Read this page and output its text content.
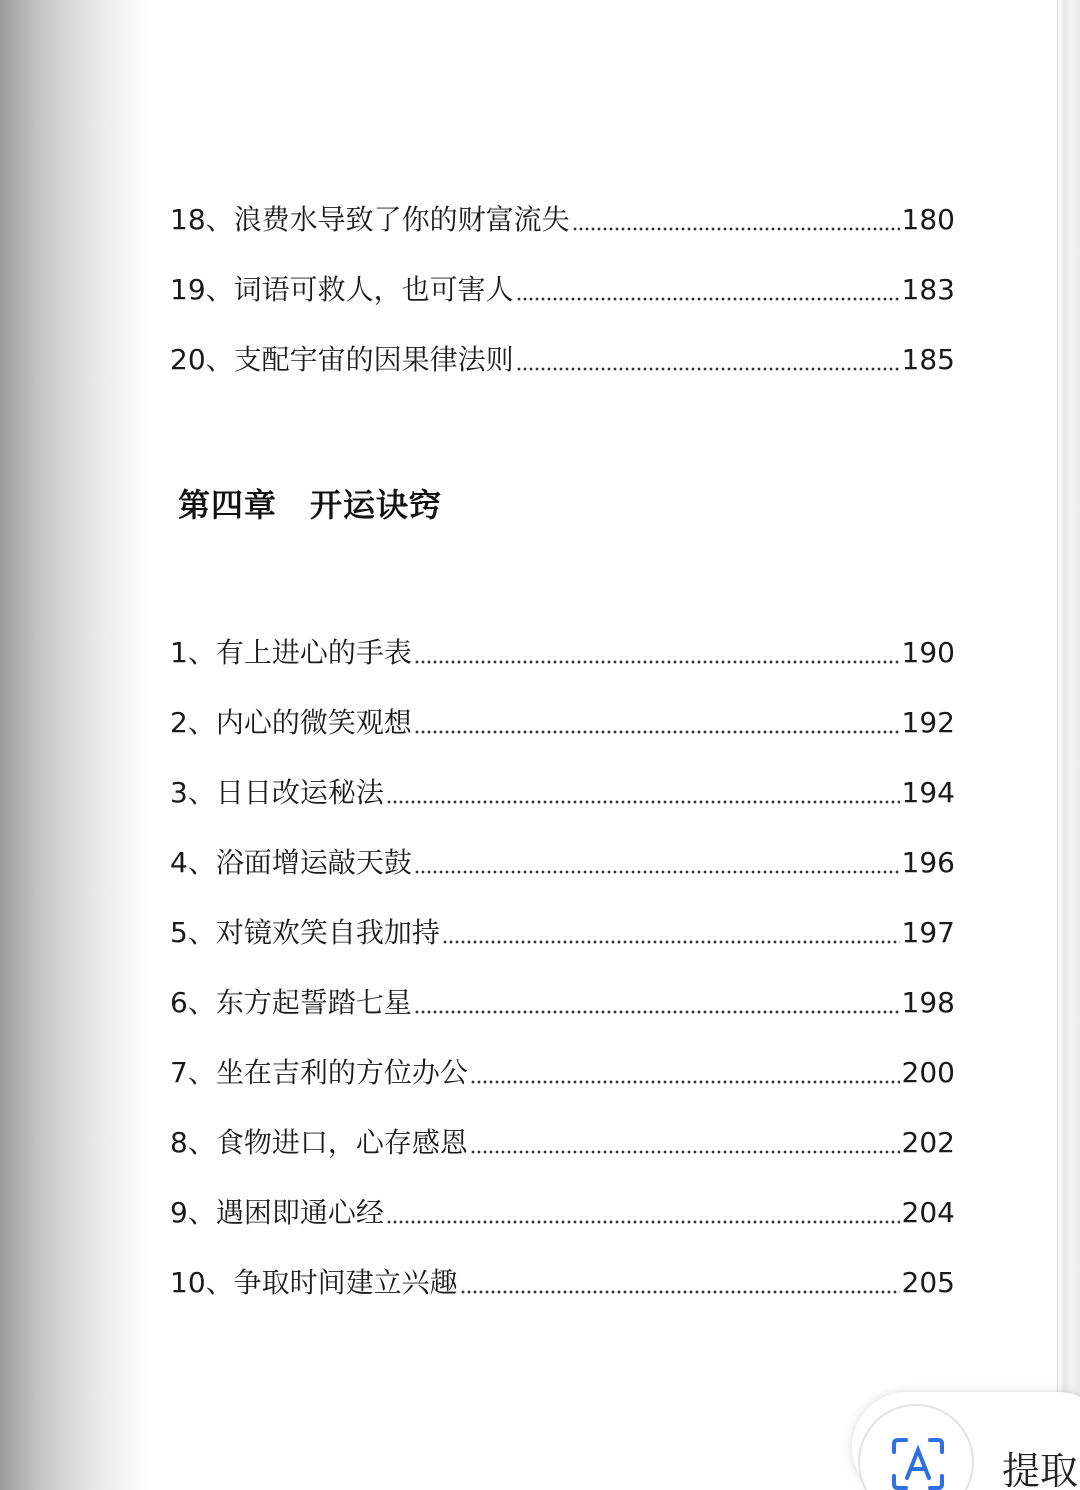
18、浪费水导致了你的财富流失	180
19、词语可救人，也可害人	183
20、支配宇宙的因果律法则	185
第四章　开运诀窍
1、有上进心的手表	190
2、内心的微笑观想	192
3、日日改运秘法	194
4、浴面增运敲天鼓	196
5、对镜欢笑自我加持	197
6、东方起誓踏七星	198
7、坐在吉利的方位办公	200
8、食物进口，心存感恩	202
9、遇困即通心经	204
10、争取时间建立兴趣	205
提取
